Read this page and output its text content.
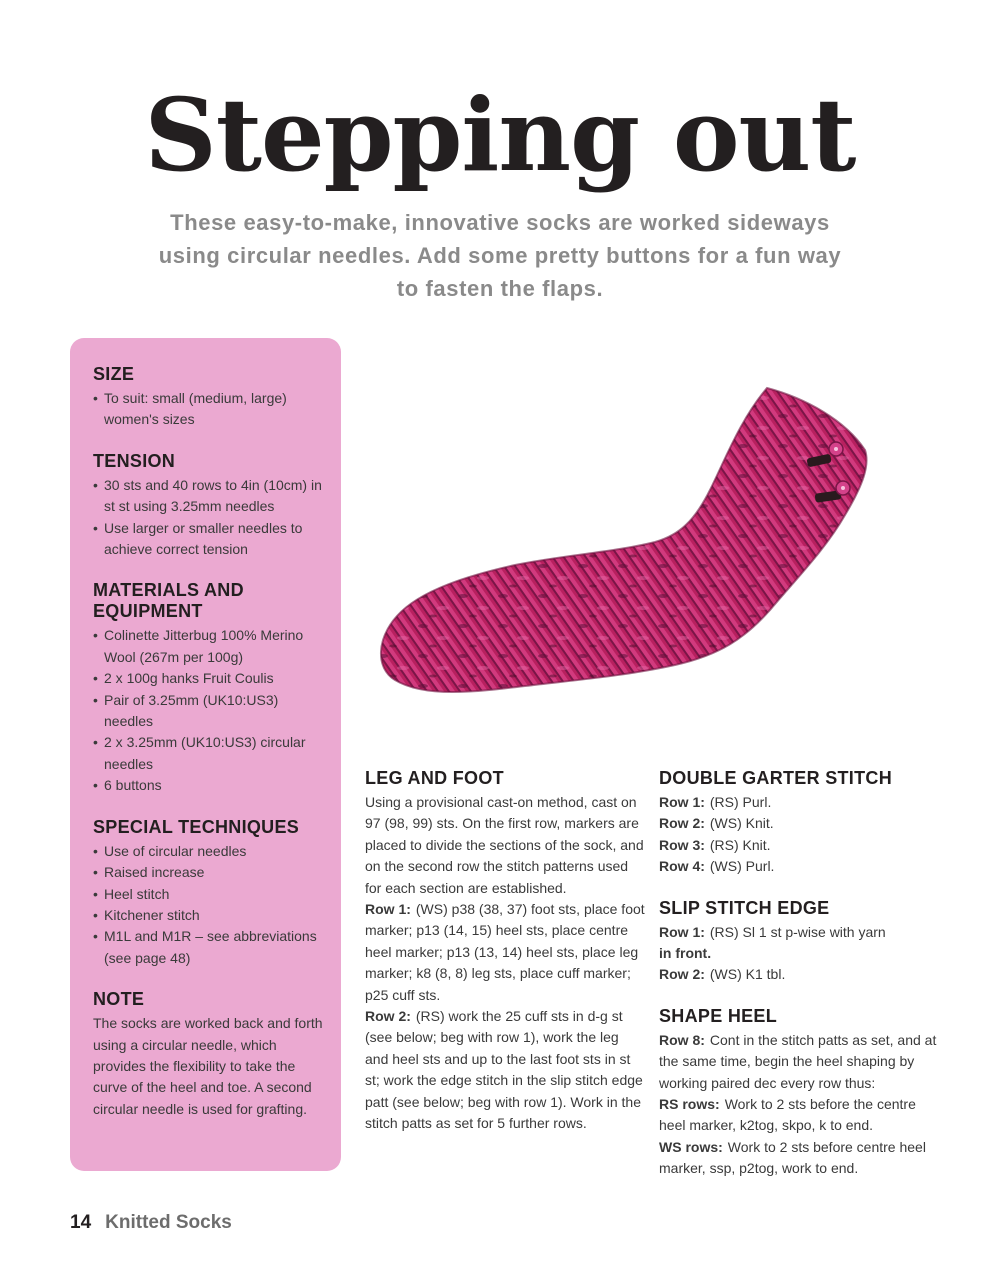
Stepping out
These easy-to-make, innovative socks are worked sideways
using circular needles. Add some pretty buttons for a fun way
to fasten the flaps.
SIZE
• To suit: small (medium, large) women's sizes
TENSION
• 30 sts and 40 rows to 4in (10cm) in st st using 3.25mm needles
• Use larger or smaller needles to achieve correct tension
MATERIALS AND EQUIPMENT
• Colinette Jitterbug 100% Merino Wool (267m per 100g)
• 2 x 100g hanks Fruit Coulis
• Pair of 3.25mm (UK10:US3) needles
• 2 x 3.25mm (UK10:US3) circular needles
• 6 buttons
SPECIAL TECHNIQUES
• Use of circular needles
• Raised increase
• Heel stitch
• Kitchener stitch
• M1L and M1R – see abbreviations (see page 48)
NOTE

The socks are worked back and forth using a circular needle, which provides the flexibility to take the curve of the heel and toe. A second circular needle is used for grafting.

LEG AND FOOT

Using a provisional cast-on method, cast on 97 (98, 99) sts. On the first row, markers are placed to divide the sections of the sock, and on the second row the stitch patterns used for each section are established.

Row 1: (WS) p38 (38, 37) foot sts, place foot marker; p13 (14, 15) heel sts, place centre heel marker; p13 (13, 14) heel sts, place leg marker; k8 (8, 8) leg sts, place cuff marker; p25 cuff sts.

Row 2: (RS) work the 25 cuff sts in d-g st (see below; beg with row 1), work the leg and heel sts and up to the last foot sts in st st; work the edge stitch in the slip stitch edge patt (see below; beg with row 1). Work in the stitch patts as set for 5 further rows.

DOUBLE GARTER STITCH

Row 1: (RS) Purl.

Row 2: (WS) Knit.

Row 3: (RS) Knit.

Row 4: (WS) Purl.

SLIP STITCH EDGE

Row 1: (RS) Sl 1 st p-wise with yarn
in front.

Row 2: (WS) K1 tbl.

SHAPE HEEL

Row 8: Cont in the stitch patts as set, and at the same time, begin the heel shaping by working paired dec every row thus:

RS rows: Work to 2 sts before the centre heel marker, k2tog, skpo, k to end.

WS rows: Work to 2 sts before centre heel marker, ssp, p2tog, work to end.

14 Knitted Socks
